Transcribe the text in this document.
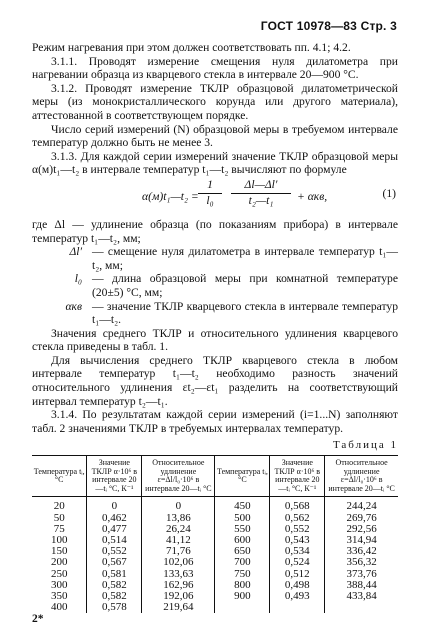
ГОСТ 10978—83 Стр. 3

Режим нагревания при этом должен соответствовать пп. 4.1; 4.2.

3.1.1. Проводят измерение смещения нуля дилатометра при нагревании образца из кварцевого стекла в интервале 20—900 °С.

3.1.2. Проводят измерение ТКЛР образцовой дилатометрической меры (из монокристаллического корунда или другого материала), аттестованной в соответствующем порядке.

Число серий измерений (N) образцовой меры в требуемом интервале температур должно быть не менее 3.

3.1.3. Для каждой серии измерений значение ТКЛР образцовой меры α(м)t₁—t₂ в интервале температур t₁—t₂ вычисляют по формуле

α(м)t₁—t₂ = $\frac{1}{\text{l₀}} \frac{\Delta l—\Delta l'}{\text{t₂—t₁}} + \alpha кв$,	(1)
где Δl — удлинение образца (по показаниям прибора) в интервале температур t₁—t₂, мм;
Δl′ — смещение нуля дилатометра в интервале температур t₁—t₂, мм;
l₀ — длина образцовой меры при комнатной температуре (20±5) °С, мм;
αкв — значение ТКЛР кварцевого стекла в интервале температур t₁—t₂.

Значения среднего ТКЛР и относительного удлинения кварцевого стекла приведены в табл. 1.

Для вычисления среднего ТКЛР кварцевого стекла в любом интервале температур t₁—t₂ необходимо разность значений относительного удлинения εt₂—εt₁ разделить на соответствующий интервал температур t₂—t₁.

3.1.4. По результатам каждой серии измерений (i=1...N) заполняют табл. 2 значениями ТКЛР в требуемых интервалах температур.

Таблица 1
Температура tᵢ, °С	Значение ТКЛР α·10⁶ в интервале 20—tᵢ °С, К⁻¹	Относительное удлинение ε=Δl/l₀·10⁶ в интервале 20—tᵢ °С	Температура tᵢ, °С	Значение ТКЛР α·10⁶ в интервале 20—tᵢ °С, К⁻¹	Относительное удлинение ε=Δl/l₀·10⁶ в интервале 20—tᵢ °С
20	0	0	450	0,568	244,24
50	0,462	13,86	500	0,562	269,76
75	0,477	26,24	550	0,552	292,56
100	0,514	41,12	600	0,543	314,94
150	0,552	71,76	650	0,534	336,42
200	0,567	102,06	700	0,524	356,32
250	0,581	133,63	750	0,512	373,76
300	0,582	162,96	800	0,498	388,44
350	0,582	192,06	900	0,493	433,84
400	0,578	219,64			
2*
